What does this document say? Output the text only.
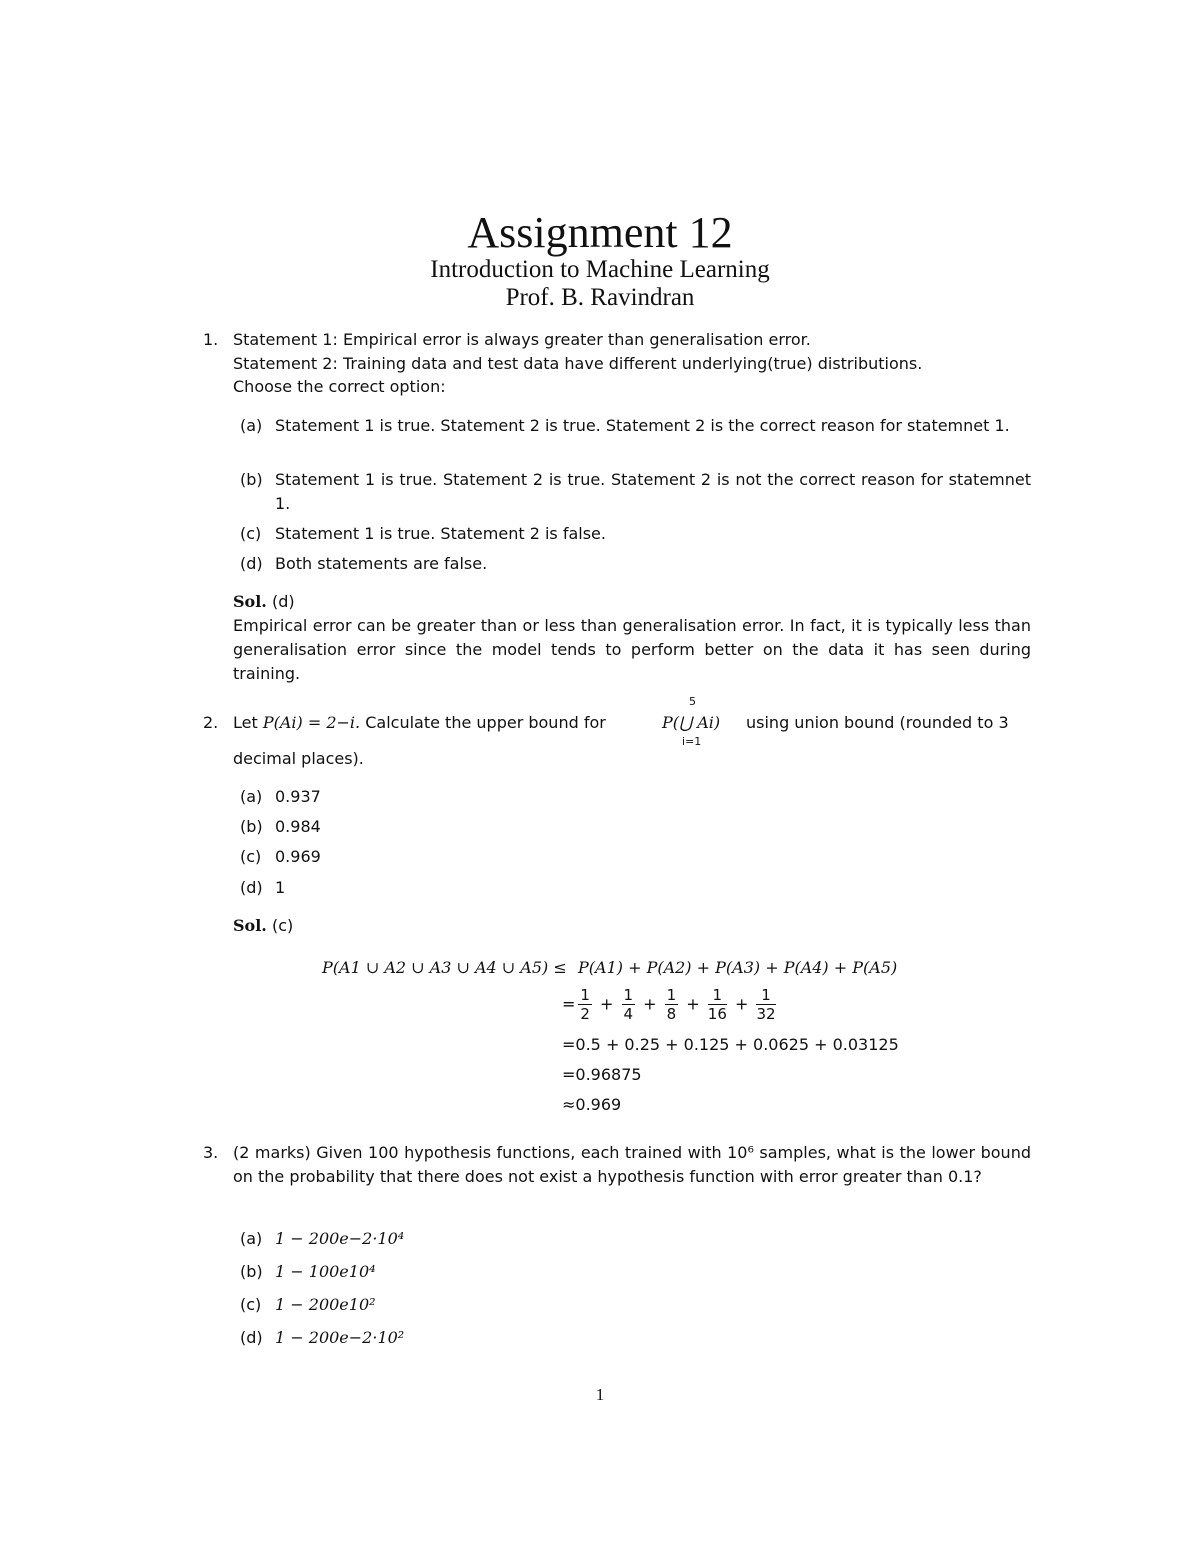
Assignment 12
Introduction to Machine Learning
Prof. B. Ravindran
1. Statement 1: Empirical error is always greater than generalisation error.
Statement 2: Training data and test data have different underlying(true) distributions.
Choose the correct option:
(a) Statement 1 is true. Statement 2 is true. Statement 2 is the correct reason for statemnet 1.
(b) Statement 1 is true. Statement 2 is true. Statement 2 is not the correct reason for statemnet 1.
(c) Statement 1 is true. Statement 2 is false.
(d) Both statements are false.
Sol. (d)
Empirical error can be greater than or less than generalisation error. In fact, it is typically less than generalisation error since the model tends to perform better on the data it has seen during training.
2. Let P(Ai) = 2−i. Calculate the upper bound for	P(⋃ Ai)
5
i=1
using union bound (rounded to 3
decimal places).
(a) 0.937
(b) 0.984
(c) 0.969
(d) 1
Sol. (c)
P(A1 ∪ A2 ∪ A3 ∪ A4 ∪ A5) ≤ P(A1) + P(A2) + P(A3) + P(A4) + P(A5)
= $\frac{1}{2} + \frac{1}{4} + \frac{1}{8} + \frac{1}{16} + \frac{1}{32}$
=0.5 + 0.25 + 0.125 + 0.0625 + 0.03125
=0.96875
≈0.969
3. (2 marks) Given 100 hypothesis functions, each trained with 10⁶ samples, what is the lower bound on the probability that there does not exist a hypothesis function with error greater than 0.1?
(a) 1 − 200e−2·10⁴
(b) 1 − 100e10⁴
(c) 1 − 200e10²
(d) 1 − 200e−2·10²
1
